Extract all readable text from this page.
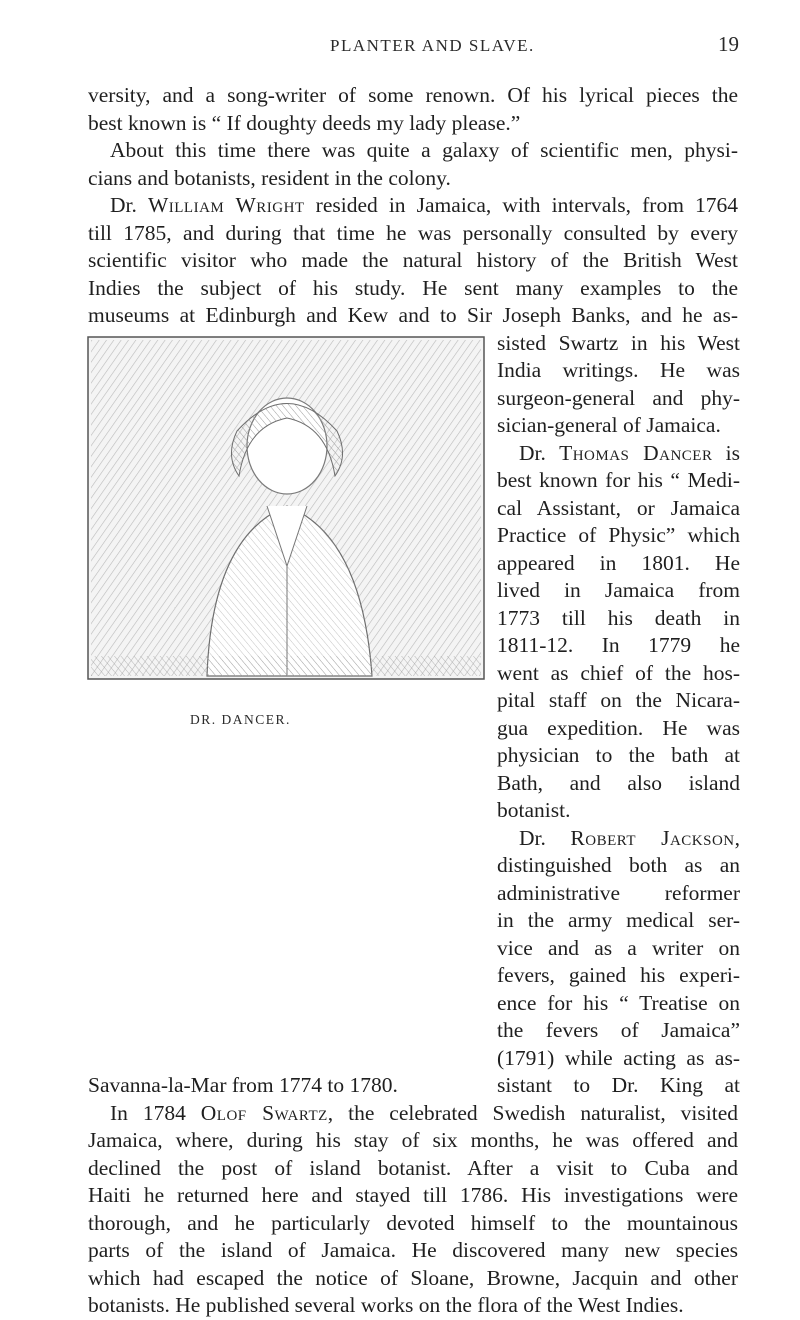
PLANTER AND SLAVE.	19
versity, and a song-writer of some renown. Of his lyrical pieces the
best known is “ If doughty deeds my lady please.”
About this time there was quite a galaxy of scientific men, physi-
cians and botanists, resident in the colony.
Dr. William Wright resided in Jamaica, with intervals, from 1764
till 1785, and during that time he was personally consulted by every
scientific visitor who made the natural history of the British West
Indies the subject of his study. He sent many examples to the
museums at Edinburgh and Kew and to Sir Joseph Banks, and he as-
sisted Swartz in his West
India writings. He was
surgeon-general and phy-
sician-general of Jamaica.
Dr. Thomas Dancer is
best known for his “ Medi-
cal Assistant, or Jamaica
Practice of Physic” which
appeared in 1801. He
lived in Jamaica from
1773 till his death in
1811-12. In 1779 he
went as chief of the hos-
pital staff on the Nicara-
gua expedition. He was
physician to the bath at
Bath, and also island
botanist.
Dr. Robert Jackson,
distinguished both as an
administrative reformer
in the army medical ser-
vice and as a writer on
fevers, gained his experi-
ence for his “ Treatise on
the fevers of Jamaica”
(1791) while acting as as-
sistant to Dr. King at
DR. DANCER.
Savanna-la-Mar from 1774 to 1780.
In 1784 Olof Swartz, the celebrated Swedish naturalist, visited
Jamaica, where, during his stay of six months, he was offered and
declined the post of island botanist. After a visit to Cuba and
Haiti he returned here and stayed till 1786. His investigations were
thorough, and he particularly devoted himself to the mountainous
parts of the island of Jamaica. He discovered many new species
which had escaped the notice of Sloane, Browne, Jacquin and other
botanists. He published several works on the flora of the West Indies.
